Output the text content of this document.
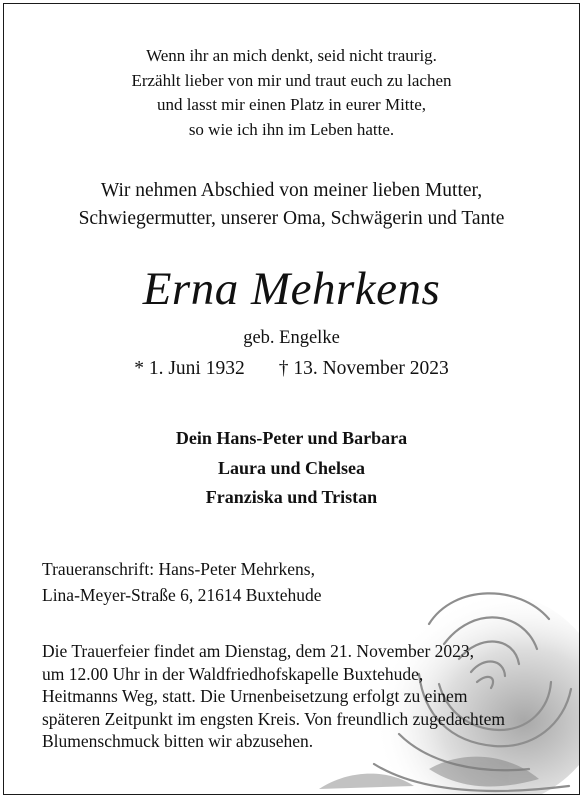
Wenn ihr an mich denkt, seid nicht traurig.
Erzählt lieber von mir und traut euch zu lachen
und lasst mir einen Platz in eurer Mitte,
so wie ich ihn im Leben hatte.
Wir nehmen Abschied von meiner lieben Mutter,
Schwiegermutter, unserer Oma, Schwägerin und Tante
Erna Mehrkens
geb. Engelke
* 1. Juni 1932 † 13. November 2023
Dein Hans-Peter und Barbara
Laura und Chelsea
Franziska und Tristan
Traueranschrift: Hans-Peter Mehrkens,
Lina-Meyer-Straße 6, 21614 Buxtehude
Die Trauerfeier findet am Dienstag, dem 21. November 2023,
um 12.00 Uhr in der Waldfriedhofskapelle Buxtehude,
Heitmanns Weg, statt. Die Urnenbeisetzung erfolgt zu einem
späteren Zeitpunkt im engsten Kreis. Von freundlich zugedachtem
Blumenschmuck bitten wir abzusehen.
